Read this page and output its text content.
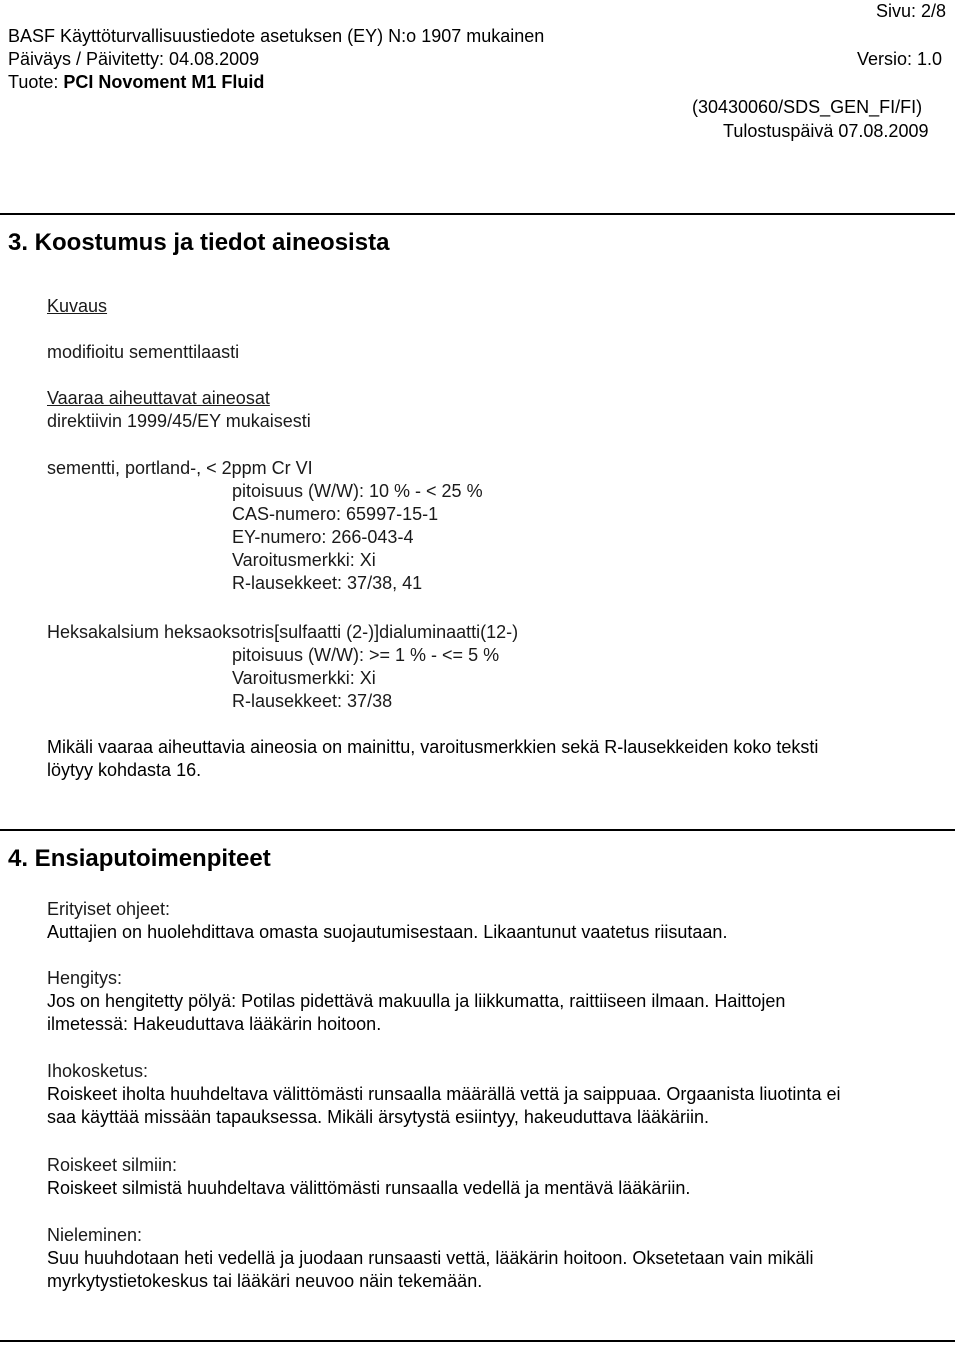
Sivu: 2/8
BASF Käyttöturvallisuustiedote asetuksen (EY) N:o 1907 mukainen
Päiväys / Päivitetty: 04.08.2009	Versio: 1.0
Tuote: PCI Novoment M1 Fluid
(30430060/SDS_GEN_FI/FI)
Tulostuspäivä 07.08.2009
3. Koostumus ja tiedot aineosista
Kuvaus
modifioitu sementtilaasti
Vaaraa aiheuttavat aineosat
direktiivin 1999/45/EY mukaisesti
sementti, portland-, < 2ppm Cr VI
pitoisuus (W/W): 10 % - < 25 %
CAS-numero: 65997-15-1
EY-numero: 266-043-4
Varoitusmerkki: Xi
R-lausekkeet: 37/38, 41
Heksakalsium heksaoksotris[sulfaatti (2-)]dialuminaatti(12-)
pitoisuus (W/W): >= 1 % - <= 5 %
Varoitusmerkki: Xi
R-lausekkeet: 37/38
Mikäli vaaraa aiheuttavia aineosia on mainittu, varoitusmerkkien sekä R-lausekkeiden koko teksti
löytyy kohdasta 16.
4. Ensiaputoimenpiteet
Erityiset ohjeet:
Auttajien on huolehdittava omasta suojautumisestaan. Likaantunut vaatetus riisutaan.
Hengitys:
Jos on hengitetty pölyä: Potilas pidettävä makuulla ja liikkumatta, raittiiseen ilmaan. Haittojen
ilmetessä: Hakeuduttava lääkärin hoitoon.
Ihokosketus:
Roiskeet iholta huuhdeltava välittömästi runsaalla määrällä vettä ja saippuaa. Orgaanista liuotinta ei
saa käyttää missään tapauksessa. Mikäli ärsytystä esiintyy, hakeuduttava lääkäriin.
Roiskeet silmiin:
Roiskeet silmistä huuhdeltava välittömästi runsaalla vedellä ja mentävä lääkäriin.
Nieleminen:
Suu huuhdotaan heti vedellä ja juodaan runsaasti vettä, lääkärin hoitoon. Oksetetaan vain mikäli
myrkytystietokeskus tai lääkäri neuvoo näin tekemään.
